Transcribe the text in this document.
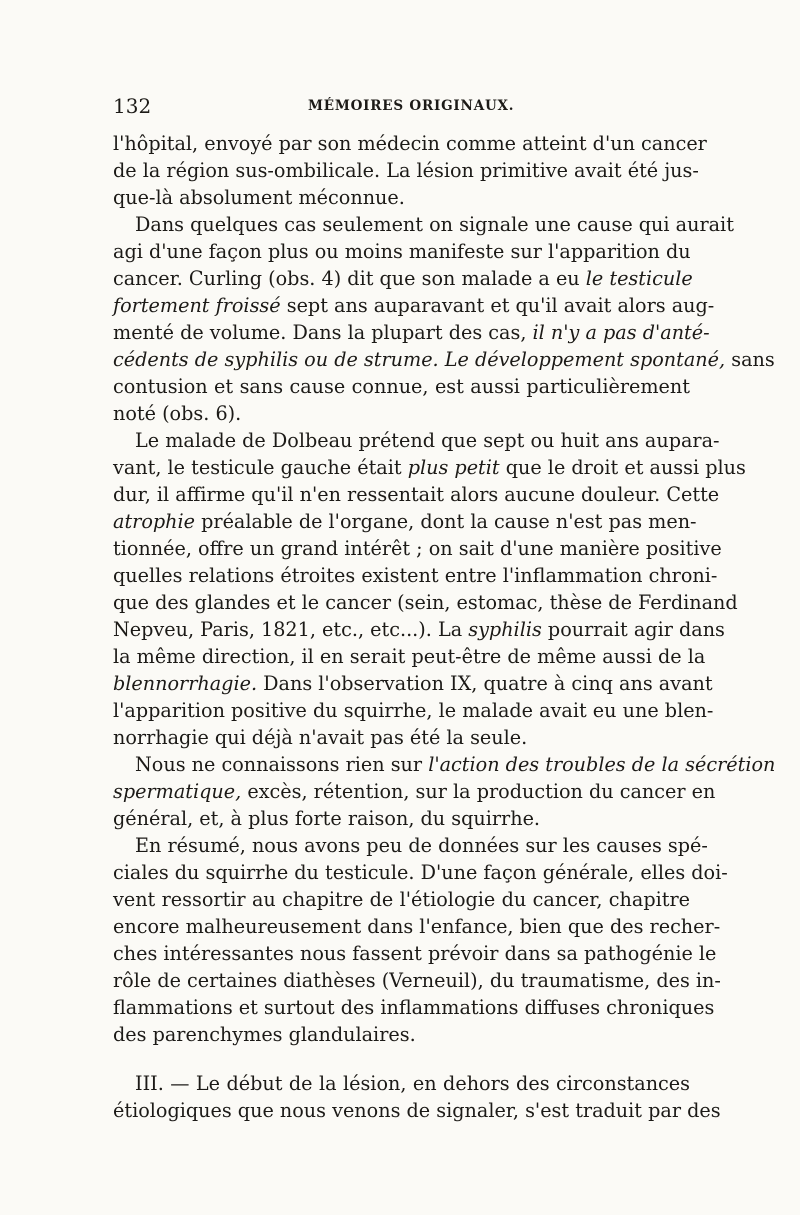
132	MÉMOIRES ORIGINAUX.
l'hôpital, envoyé par son médecin comme atteint d'un cancer
de la région sus-ombilicale. La lésion primitive avait été jus-
que-là absolument méconnue.
Dans quelques cas seulement on signale une cause qui aurait
agi d'une façon plus ou moins manifeste sur l'apparition du
cancer. Curling (obs. 4) dit que son malade a eu le testicule
fortement froissé sept ans auparavant et qu'il avait alors aug-
menté de volume. Dans la plupart des cas, il n'y a pas d'anté-
cédents de syphilis ou de strume. Le développement spontané, sans
contusion et sans cause connue, est aussi particulièrement
noté (obs. 6).
Le malade de Dolbeau prétend que sept ou huit ans aupara-
vant, le testicule gauche était plus petit que le droit et aussi plus
dur, il affirme qu'il n'en ressentait alors aucune douleur. Cette
atrophie préalable de l'organe, dont la cause n'est pas men-
tionnée, offre un grand intérêt ; on sait d'une manière positive
quelles relations étroites existent entre l'inflammation chroni-
que des glandes et le cancer (sein, estomac, thèse de Ferdinand
Nepveu, Paris, 1821, etc., etc...). La syphilis pourrait agir dans
la même direction, il en serait peut-être de même aussi de la
blennorrhagie. Dans l'observation IX, quatre à cinq ans avant
l'apparition positive du squirrhe, le malade avait eu une blen-
norrhagie qui déjà n'avait pas été la seule.
Nous ne connaissons rien sur l'action des troubles de la sécrétion
spermatique, excès, rétention, sur la production du cancer en
général, et, à plus forte raison, du squirrhe.
En résumé, nous avons peu de données sur les causes spé-
ciales du squirrhe du testicule. D'une façon générale, elles doi-
vent ressortir au chapitre de l'étiologie du cancer, chapitre
encore malheureusement dans l'enfance, bien que des recher-
ches intéressantes nous fassent prévoir dans sa pathogénie le
rôle de certaines diathèses (Verneuil), du traumatisme, des in-
flammations et surtout des inflammations diffuses chroniques
des parenchymes glandulaires.
III. — Le début de la lésion, en dehors des circonstances
étiologiques que nous venons de signaler, s'est traduit par des
